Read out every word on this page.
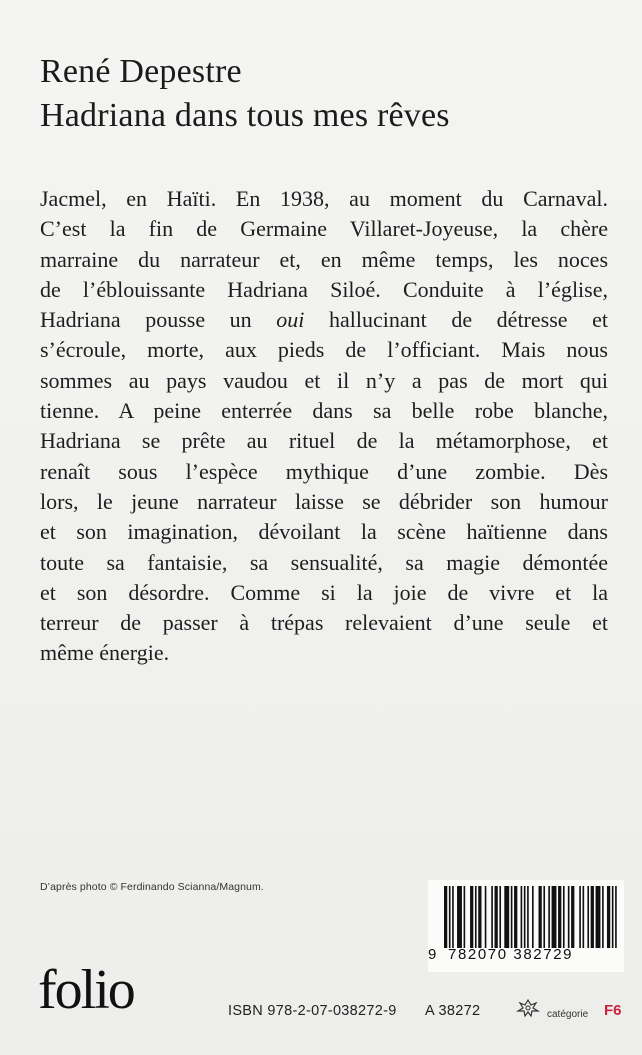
René Depestre
Hadriana dans tous mes rêves
Jacmel, en Haïti. En 1938, au moment du Carnaval.
C’est la fin de Germaine Villaret-Joyeuse, la chère
marraine du narrateur et, en même temps, les noces
de l’éblouissante Hadriana Siloé. Conduite à l’église,
Hadriana pousse un oui hallucinant de détresse et
s’écroule, morte, aux pieds de l’officiant. Mais nous
sommes au pays vaudou et il n’y a pas de mort qui
tienne. A peine enterrée dans sa belle robe blanche,
Hadriana se prête au rituel de la métamorphose, et
renaît sous l’espèce mythique d’une zombie. Dès
lors, le jeune narrateur laisse se débrider son humour
et son imagination, dévoilant la scène haïtienne dans
toute sa fantaisie, sa sensualité, sa magie démontée
et son désordre. Comme si la joie de vivre et la
terreur de passer à trépas relevaient d’une seule et
même énergie.
D’après photo © Ferdinando Scianna/Magnum.
folio
9 782070 382729
ISBN 978-2-07-038272-9 A 38272	catégorie F6
